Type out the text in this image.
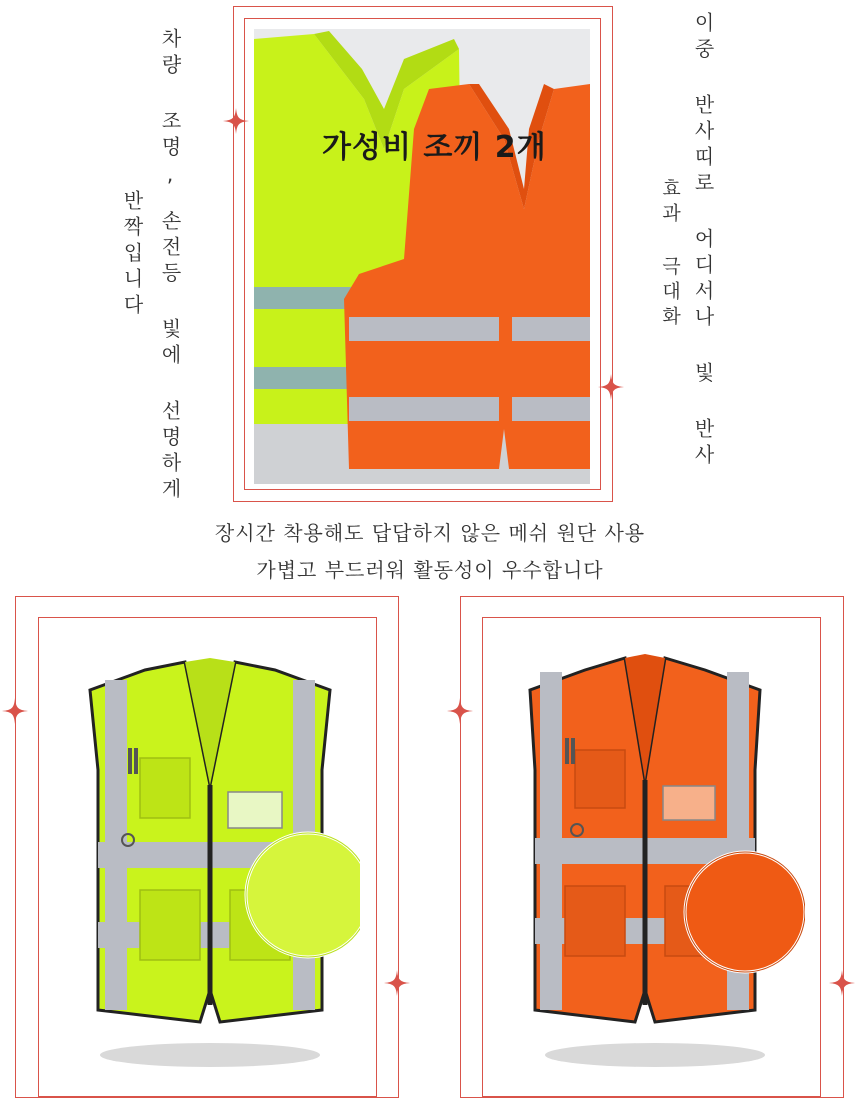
가성비 조끼 2개
차량 조명,
손전등 빛에
선명하게
반짝입니다	이중 반사띠로 어디서나 빛 반사
효과 극대화
장시간 착용해도 답답하지 않은 메쉬 원단 사용
가볍고 부드러워 활동성이 우수합니다
